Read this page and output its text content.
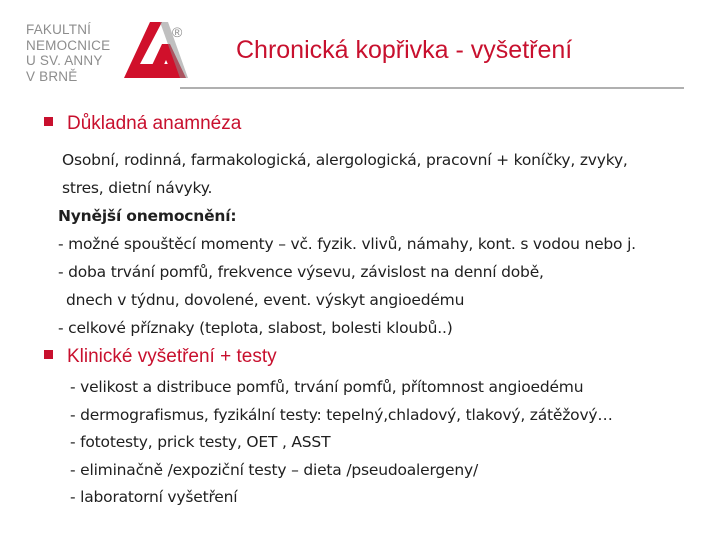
FAKULTNÍ
NEMOCNICE
U SV. ANNY
V BRNĚ
®
Chronická kopřivka - vyšetření
Důkladná anamnéza
Osobní, rodinná, farmakologická, alergologická, pracovní + koníčky, zvyky,
stres, dietní návyky.
Nynější onemocnění:
- možné spouštěcí momenty – vč. fyzik. vlivů, námahy, kont. s vodou nebo j.
- doba trvání pomfů, frekvence výsevu, závislost na denní době,
dnech v týdnu, dovolené, event. výskyt angioedému
- celkové příznaky (teplota, slabost, bolesti kloubů..)
Klinické vyšetření + testy
- velikost a distribuce pomfů, trvání pomfů, přítomnost angioedému
- dermografismus, fyzikální testy: tepelný,chladový, tlakový, zátěžový…
- fototesty, prick testy, OET , ASST
- eliminačně /expoziční testy – dieta /pseudoalergeny/
- laboratorní vyšetření
